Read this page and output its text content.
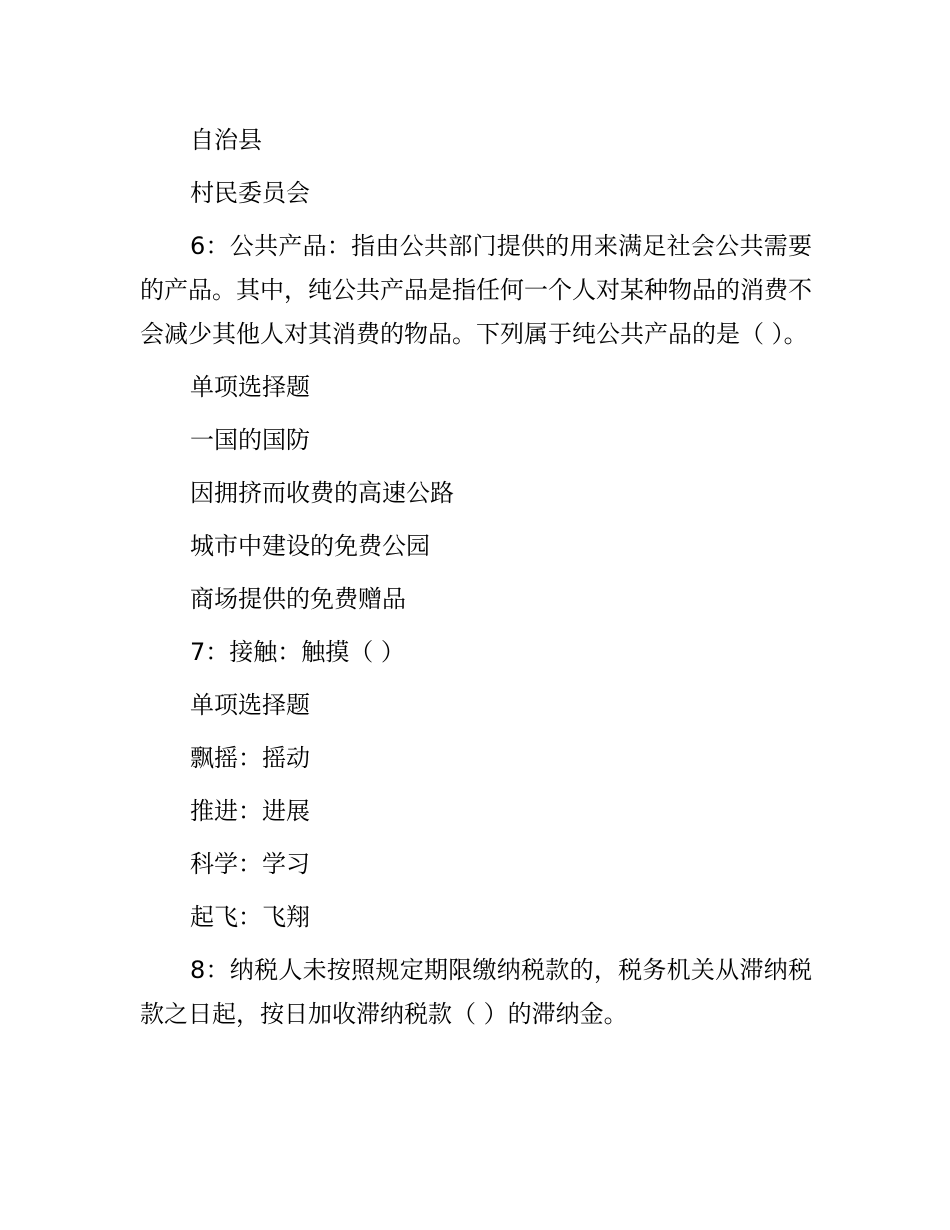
自治县
村民委员会
6：公共产品：指由公共部门提供的用来满足社会公共需要的产品。其中，纯公共产品是指任何一个人对某种物品的消费不会减少其他人对其消费的物品。下列属于纯公共产品的是（ ）。
单项选择题
一国的国防
因拥挤而收费的高速公路
城市中建设的免费公园
商场提供的免费赠品
7：接触：触摸（ ）
单项选择题
飘摇：摇动
推进：进展
科学：学习
起飞：飞翔
8：纳税人未按照规定期限缴纳税款的，税务机关从滞纳税款之日起，按日加收滞纳税款（ ）的滞纳金。
